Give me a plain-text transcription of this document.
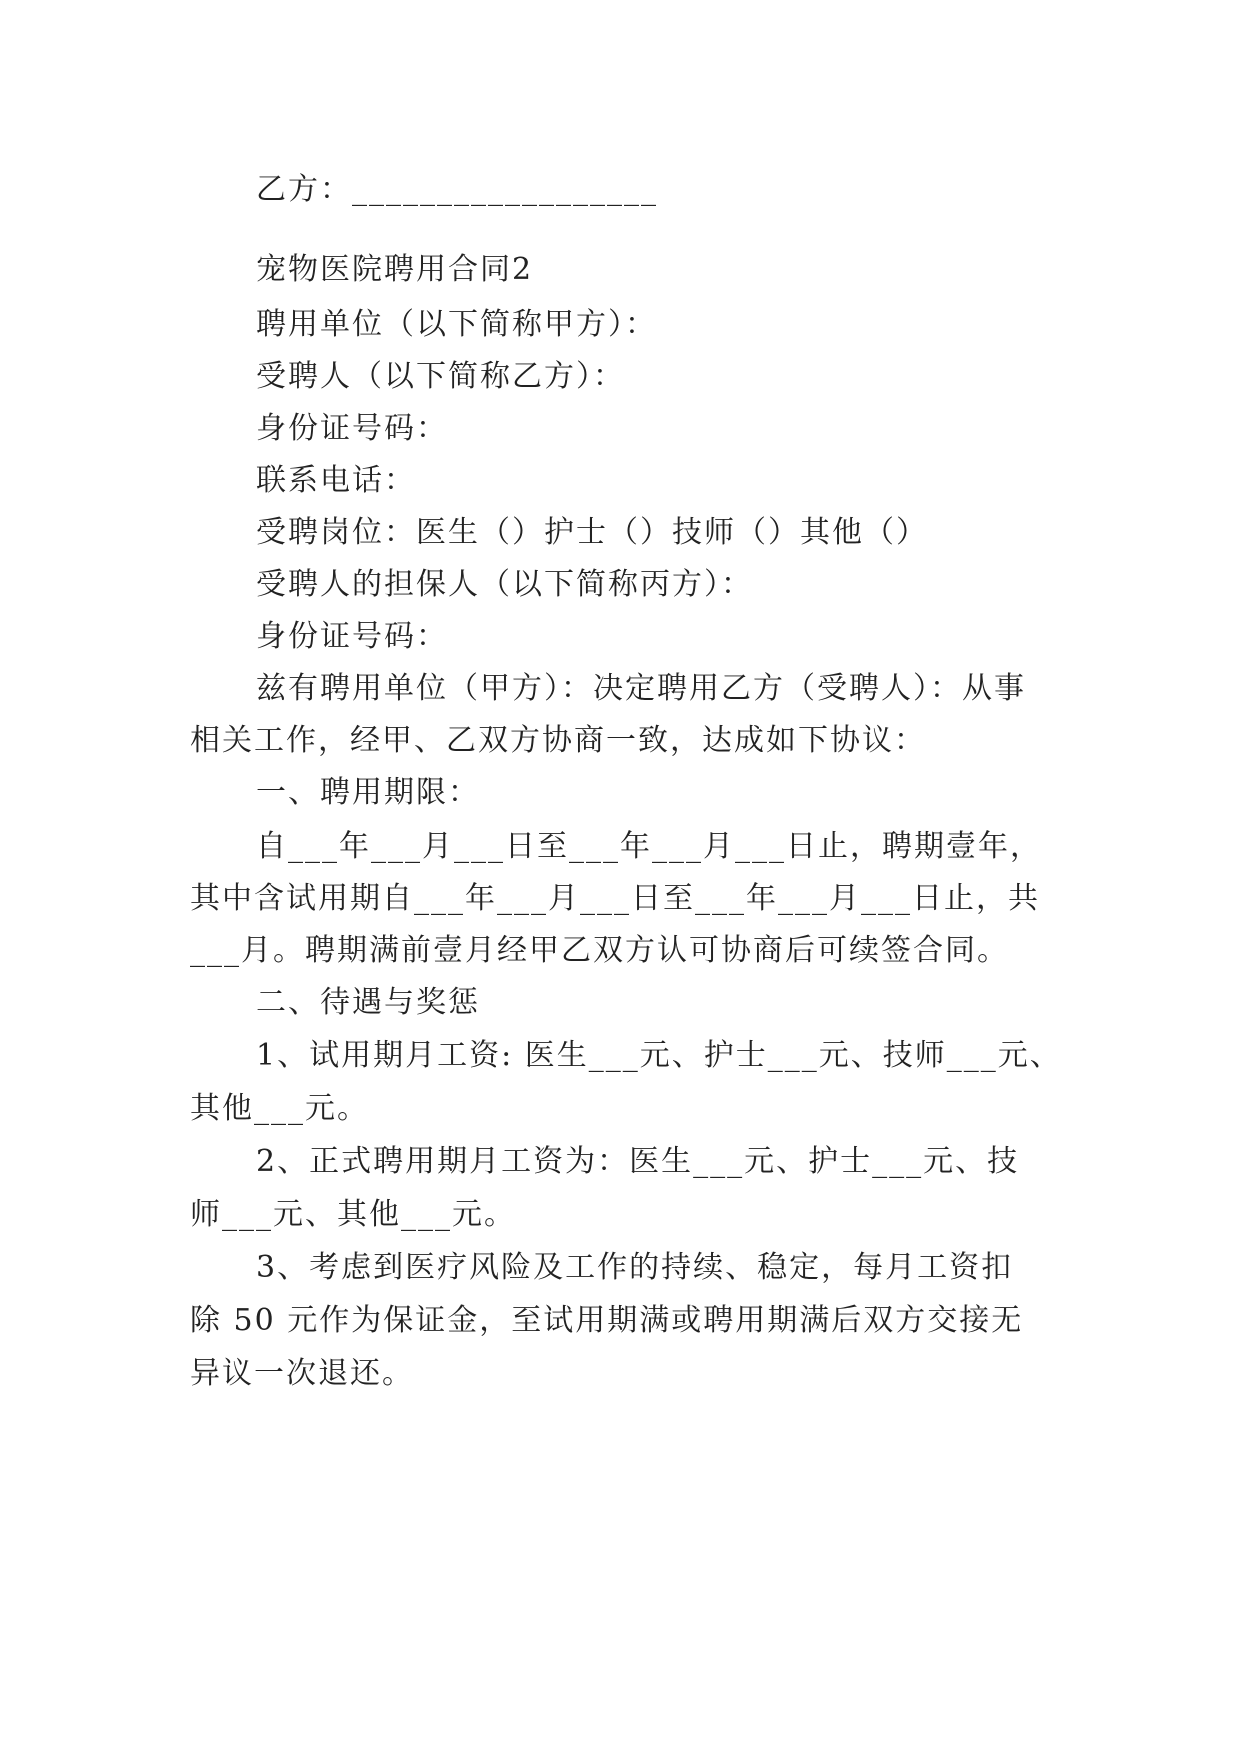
乙方：__________________
宠物医院聘用合同2
聘用单位（以下简称甲方）：
受聘人（以下简称乙方）：
身份证号码：
联系电话：
受聘岗位：医生（）护士（）技师（）其他（）
受聘人的担保人（以下简称丙方）：
身份证号码：
兹有聘用单位（甲方）：决定聘用乙方（受聘人）：从事
相关工作，经甲、乙双方协商一致，达成如下协议：
一、聘用期限：
自___年___月___日至___年___月___日止，聘期壹年，
其中含试用期自___年___月___日至___年___月___日止，共
___月。聘期满前壹月经甲乙双方认可协商后可续签合同。
二、待遇与奖惩
1、试用期月工资: 医生___元、护士___元、技师___元、
其他___元。
2、正式聘用期月工资为：医生___元、护士___元、技
师___元、其他___元。
3、考虑到医疗风险及工作的持续、稳定，每月工资扣
除 50 元作为保证金，至试用期满或聘用期满后双方交接无
异议一次退还。
